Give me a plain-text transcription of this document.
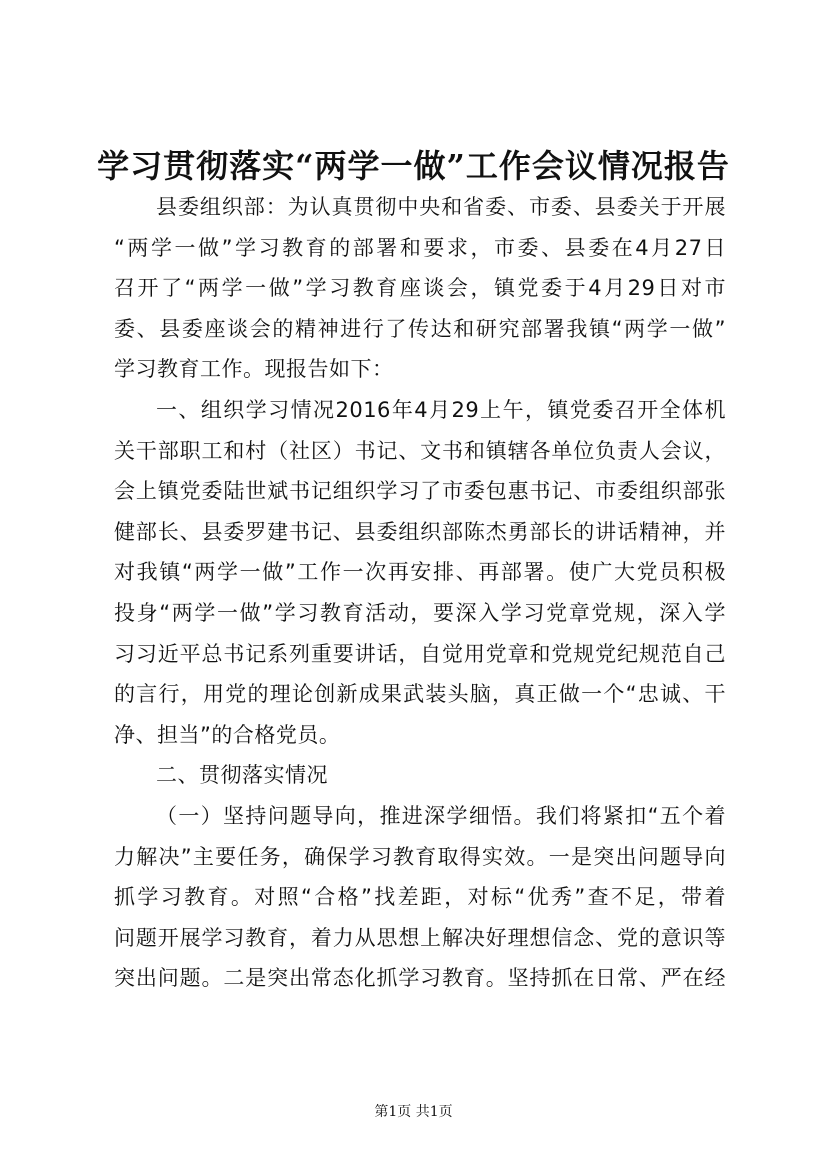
学习贯彻落实“两学一做”工作会议情况报告
县委组织部：为认真贯彻中央和省委、市委、县委关于开展
“两学一做”学习教育的部署和要求，市委、县委在4月27日
召开了“两学一做”学习教育座谈会，镇党委于4月29日对市
委、县委座谈会的精神进行了传达和研究部署我镇“两学一做”
学习教育工作。现报告如下：
一、组织学习情况2016年4月29上午，镇党委召开全体机
关干部职工和村（社区）书记、文书和镇辖各单位负责人会议，
会上镇党委陆世斌书记组织学习了市委包惠书记、市委组织部张
健部长、县委罗建书记、县委组织部陈杰勇部长的讲话精神，并
对我镇“两学一做”工作一次再安排、再部署。使广大党员积极
投身“两学一做”学习教育活动，要深入学习党章党规，深入学
习习近平总书记系列重要讲话，自觉用党章和党规党纪规范自己
的言行，用党的理论创新成果武装头脑，真正做一个“忠诚、干
净、担当”的合格党员。
二、贯彻落实情况
（一）坚持问题导向，推进深学细悟。我们将紧扣“五个着
力解决”主要任务，确保学习教育取得实效。一是突出问题导向
抓学习教育。对照“合格”找差距，对标“优秀”查不足，带着
问题开展学习教育，着力从思想上解决好理想信念、党的意识等
突出问题。二是突出常态化抓学习教育。坚持抓在日常、严在经
第1页 共1页
